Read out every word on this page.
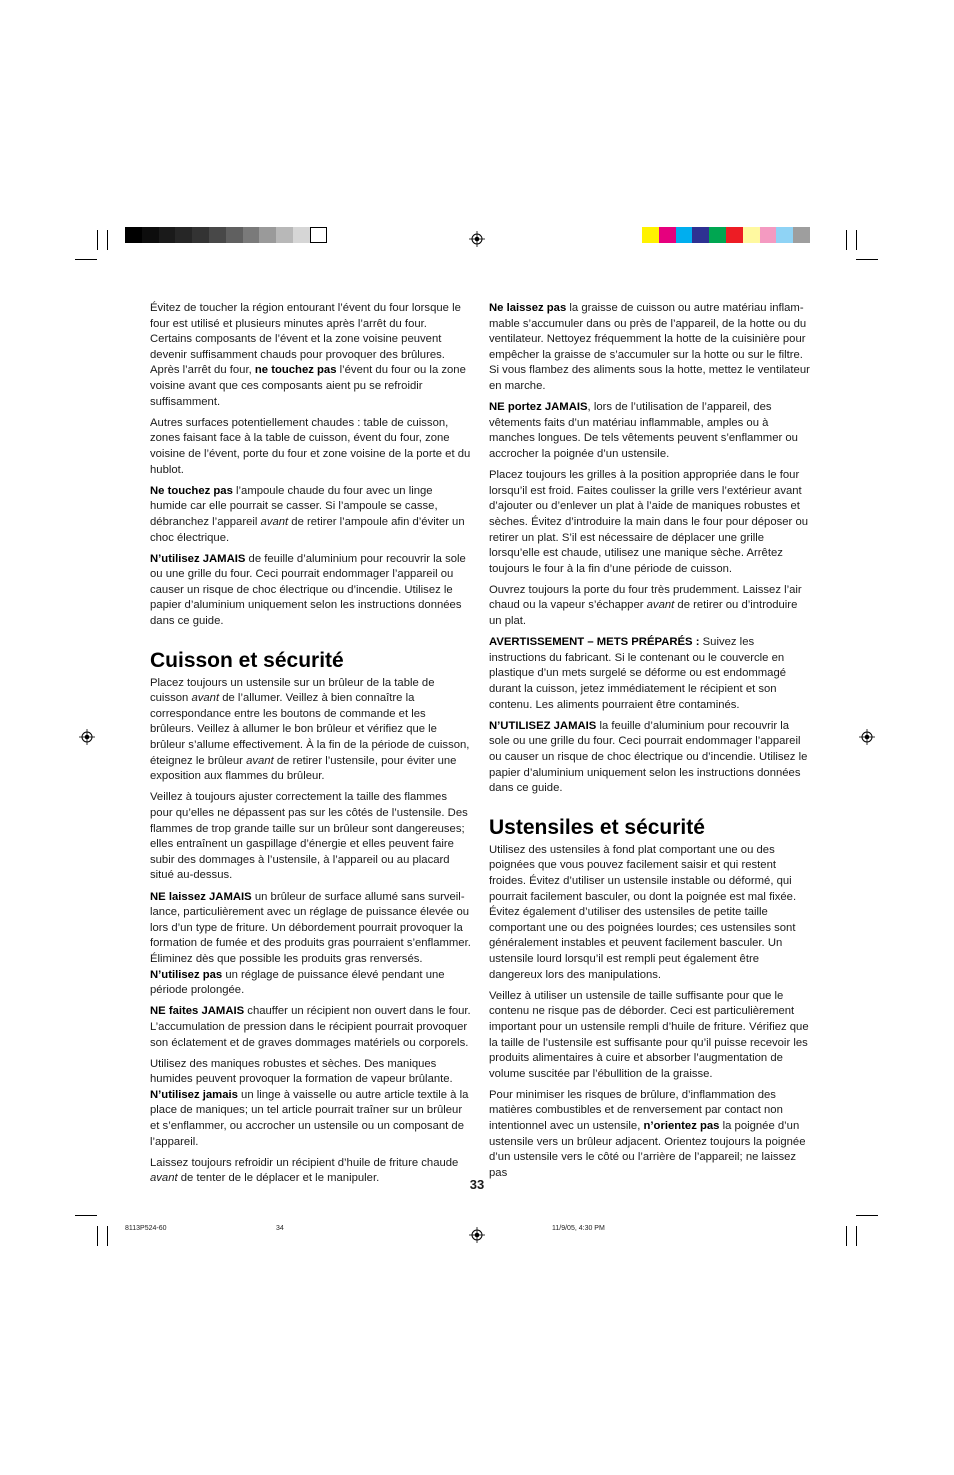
Évitez de toucher la région entourant l’évent du four lorsque le four est utilisé et plusieurs minutes après l’arrêt du four. Certains composants de l’évent et la zone voisine peuvent devenir suffisamment chauds pour provoquer des brûlures. Après l’arrêt du four, ne touchez pas l’évent du four ou la zone voisine avant que ces composants aient pu se refroidir suffisamment.

Autres surfaces potentiellement chaudes : table de cuisson, zones faisant face à la table de cuisson, évent du four, zone voisine de l’évent, porte du four et zone voisine de la porte et du hublot.

Ne touchez pas l’ampoule chaude du four avec un linge humide car elle pourrait se casser. Si l’ampoule se casse, débranchez l’appareil avant de retirer l’ampoule afin d’éviter un choc électrique.

N’utilisez JAMAIS de feuille d’aluminium pour recouvrir la sole ou une grille du four. Ceci pourrait endommager l’appareil ou causer un risque de choc électrique ou d’incendie. Utilisez le papier d’aluminium uniquement selon les instructions données dans ce guide.

Cuisson et sécurité

Placez toujours un ustensile sur un brûleur de la table de cuisson avant de l’allumer. Veillez à bien connaître la correspondance entre les boutons de commande et les brûleurs. Veillez à allumer le bon brûleur et vérifiez que le brûleur s’allume effectivement. À la fin de la période de cuisson, éteignez le brûleur avant de retirer l’ustensile, pour éviter une exposition aux flammes du brûleur.

Veillez à toujours ajuster correctement la taille des flammes pour qu’elles ne dépassent pas sur les côtés de l’ustensile. Des flammes de trop grande taille sur un brûleur sont dangereuses; elles entraînent un gaspillage d’énergie et elles peuvent faire subir des dommages à l’ustensile, à l’appareil ou au placard situé au-dessus.

NE laissez JAMAIS un brûleur de surface allumé sans surveillance, particulièrement avec un réglage de puissance élevée ou lors d’un type de friture. Un débordement pourrait provoquer la formation de fumée et des produits gras pourraient s’enflammer. Éliminez dès que possible les produits gras renversés. N’utilisez pas un réglage de puissance élevé pendant une période prolongée.

NE faites JAMAIS chauffer un récipient non ouvert dans le four. L’accumulation de pression dans le récipient pourrait provoquer son éclatement et de graves dommages matériels ou corporels.

Utilisez des maniques robustes et sèches. Des maniques humides peuvent provoquer la formation de vapeur brûlante. N’utilisez jamais un linge à vaisselle ou autre article textile à la place de maniques; un tel article pourrait traîner sur un brûleur et s’enflammer, ou accrocher un ustensile ou un composant de l’appareil.

Laissez toujours refroidir un récipient d’huile de friture chaude avant de tenter de le déplacer et le manipuler.

Ne laissez pas la graisse de cuisson ou autre matériau inflammable s’accumuler dans ou près de l’appareil, de la hotte ou du ventilateur. Nettoyez fréquemment la hotte de la cuisinière pour empêcher la graisse de s’accumuler sur la hotte ou sur le filtre. Si vous flambez des aliments sous la hotte, mettez le ventilateur en marche.

NE portez JAMAIS, lors de l’utilisation de l’appareil, des vêtements faits d’un matériau inflammable, amples ou à manches longues. De tels vêtements peuvent s’enflammer ou accrocher la poignée d’un ustensile.

Placez toujours les grilles à la position appropriée dans le four lorsqu’il est froid. Faites coulisser la grille vers l’extérieur avant d’ajouter ou d’enlever un plat à l’aide de maniques robustes et sèches. Évitez d’introduire la main dans le four pour déposer ou retirer un plat. S’il est nécessaire de déplacer une grille lorsqu’elle est chaude, utilisez une manique sèche. Arrêtez toujours le four à la fin d’une période de cuisson.

Ouvrez toujours la porte du four très prudemment. Laissez l’air chaud ou la vapeur s’échapper avant de retirer ou d’introduire un plat.

AVERTISSEMENT – METS PRÉPARÉS : Suivez les instructions du fabricant. Si le contenant ou le couvercle en plastique d’un mets surgelé se déforme ou est endommagé durant la cuisson, jetez immédiatement le récipient et son contenu. Les aliments pourraient être contaminés.

N’UTILISEZ JAMAIS la feuille d’aluminium pour recouvrir la sole ou une grille du four. Ceci pourrait endommager l’appareil ou causer un risque de choc électrique ou d’incendie. Utilisez le papier d’aluminium uniquement selon les instructions données dans ce guide.

Ustensiles et sécurité

Utilisez des ustensiles à fond plat comportant une ou des poignées que vous pouvez facilement saisir et qui restent froides. Évitez d’utiliser un ustensile instable ou déformé, qui pourrait facilement basculer, ou dont la poignée est mal fixée. Évitez également d’utiliser des ustensiles de petite taille comportant une ou des poignées lourdes; ces ustensiles sont généralement instables et peuvent facilement basculer. Un ustensile lourd lorsqu’il est rempli peut également être dangereux lors des manipulations.

Veillez à utiliser un ustensile de taille suffisante pour que le contenu ne risque pas de déborder. Ceci est particulièrement important pour un ustensile rempli d’huile de friture. Vérifiez que la taille de l’ustensile est suffisante pour qu’il puisse recevoir les produits alimentaires à cuire et absorber l’augmentation de volume suscitée par l’ébullition de la graisse.

Pour minimiser les risques de brûlure, d’inflammation des matières combustibles et de renversement par contact non intentionnel avec un ustensile, n’orientez pas la poignée d’un ustensile vers un brûleur adjacent. Orientez toujours la poignée d’un ustensile vers le côté ou l’arrière de l’appareil; ne laissez pas

33
8113P524-60	34	11/9/05, 4:30 PM
